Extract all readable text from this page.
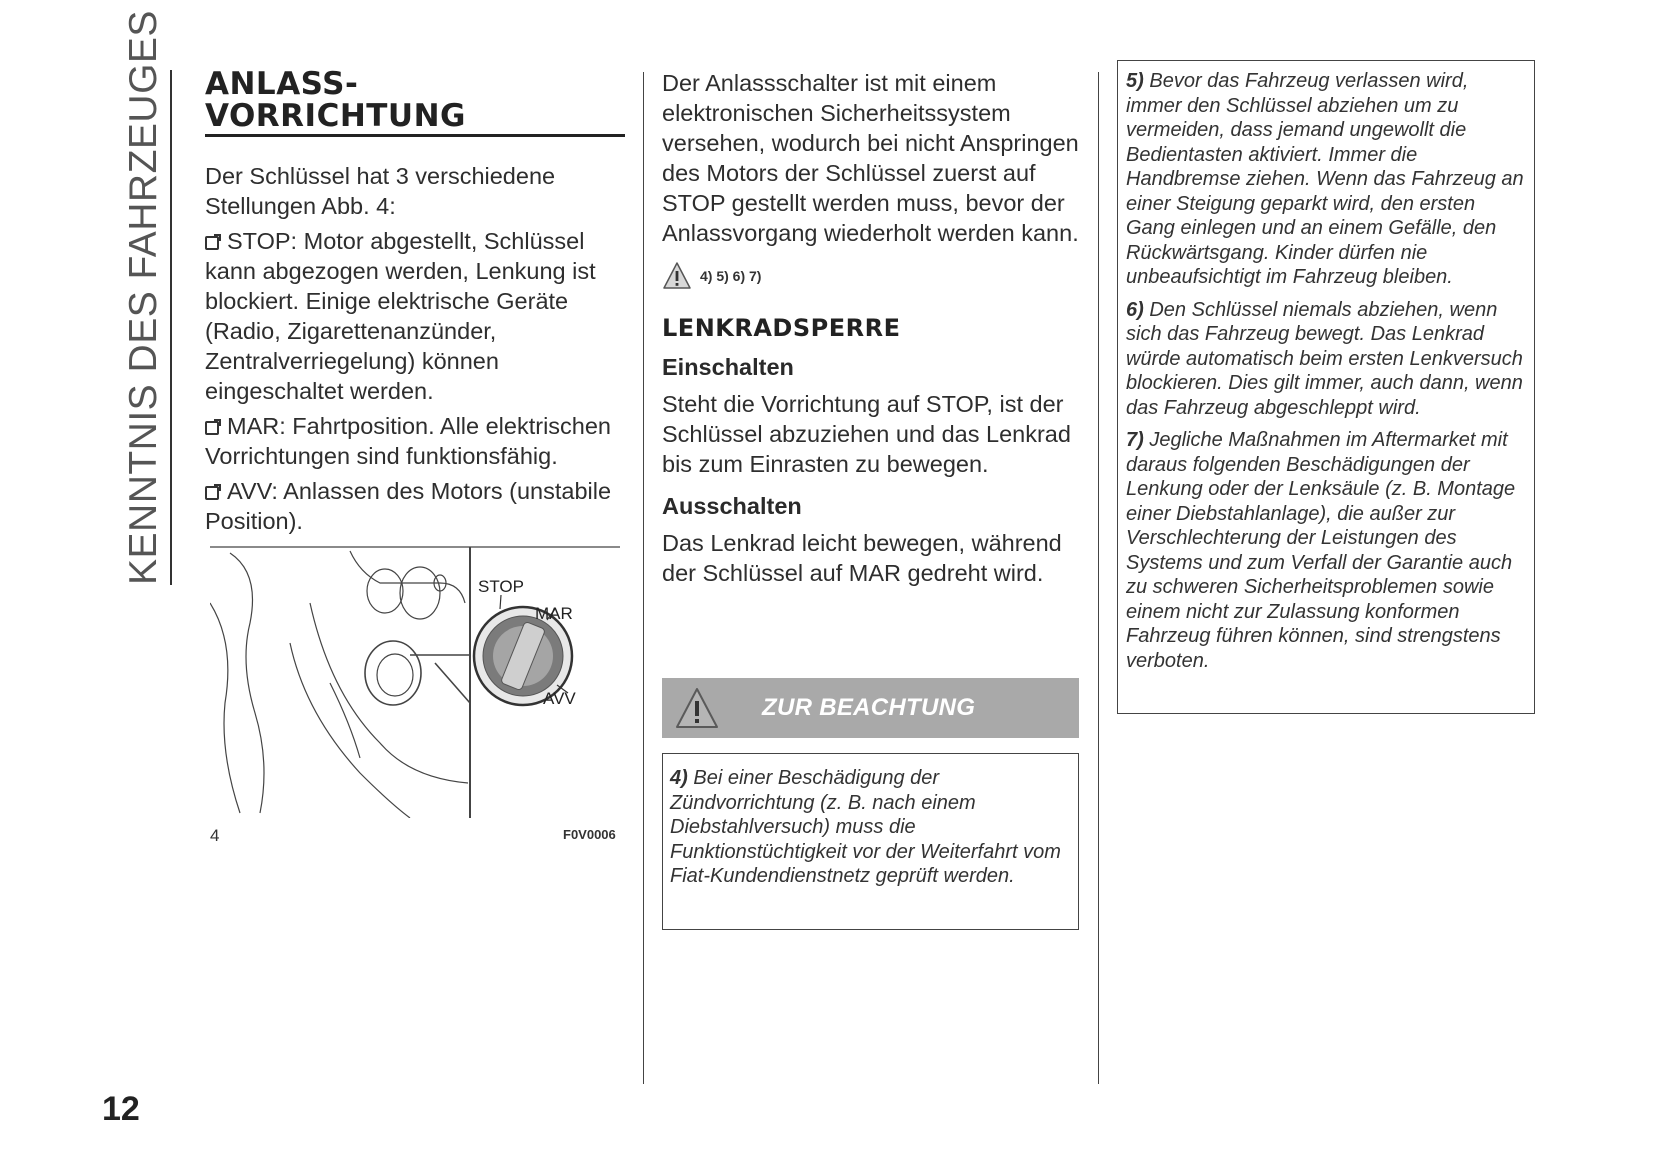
KENNTNIS DES FAHRZEUGES
12
ANLASS-
VORRICHTUNG

Der Schlüssel hat 3 verschiedene Stellungen Abb. 4:

STOP: Motor abgestellt, Schlüssel kann abgezogen werden, Lenkung ist blockiert. Einige elektrische Geräte (Radio, Zigarettenanzünder, Zentralverriegelung) können eingeschaltet werden.

MAR: Fahrtposition. Alle elektrischen Vorrichtungen sind funktionsfähig.

AVV: Anlassen des Motors (unstabile Position).

STOP
MAR
AVV
4	F0V0006

Der Anlassschalter ist mit einem elektronischen Sicherheitssystem versehen, wodurch bei nicht Anspringen des Motors der Schlüssel zuerst auf STOP gestellt werden muss, bevor der Anlassvorgang wiederholt werden kann.

4) 5) 6) 7)
LENKRADSPERRE
Einschalten

Steht die Vorrichtung auf STOP, ist der Schlüssel abzuziehen und das Lenkrad bis zum Einrasten zu bewegen.

Ausschalten

Das Lenkrad leicht bewegen, während der Schlüssel auf MAR gedreht wird.

ZUR BEACHTUNG

4) Bei einer Beschädigung der Zündvorrichtung (z. B. nach einem Diebstahlversuch) muss die Funktionstüchtigkeit vor der Weiterfahrt vom Fiat-Kundendienstnetz geprüft werden.

5) Bevor das Fahrzeug verlassen wird, immer den Schlüssel abziehen um zu vermeiden, dass jemand ungewollt die Bedientasten aktiviert. Immer die Handbremse ziehen. Wenn das Fahrzeug an einer Steigung geparkt wird, den ersten Gang einlegen und an einem Gefälle, den Rückwärtsgang. Kinder dürfen nie unbeaufsichtigt im Fahrzeug bleiben.

6) Den Schlüssel niemals abziehen, wenn sich das Fahrzeug bewegt. Das Lenkrad würde automatisch beim ersten Lenkversuch blockieren. Dies gilt immer, auch dann, wenn das Fahrzeug abgeschleppt wird.

7) Jegliche Maßnahmen im Aftermarket mit daraus folgenden Beschädigungen der Lenkung oder der Lenksäule (z. B. Montage einer Diebstahlanlage), die außer zur Verschlechterung der Leistungen des Systems und zum Verfall der Garantie auch zu schweren Sicherheitsproblemen sowie einem nicht zur Zulassung konformen Fahrzeug führen können, sind strengstens verboten.
